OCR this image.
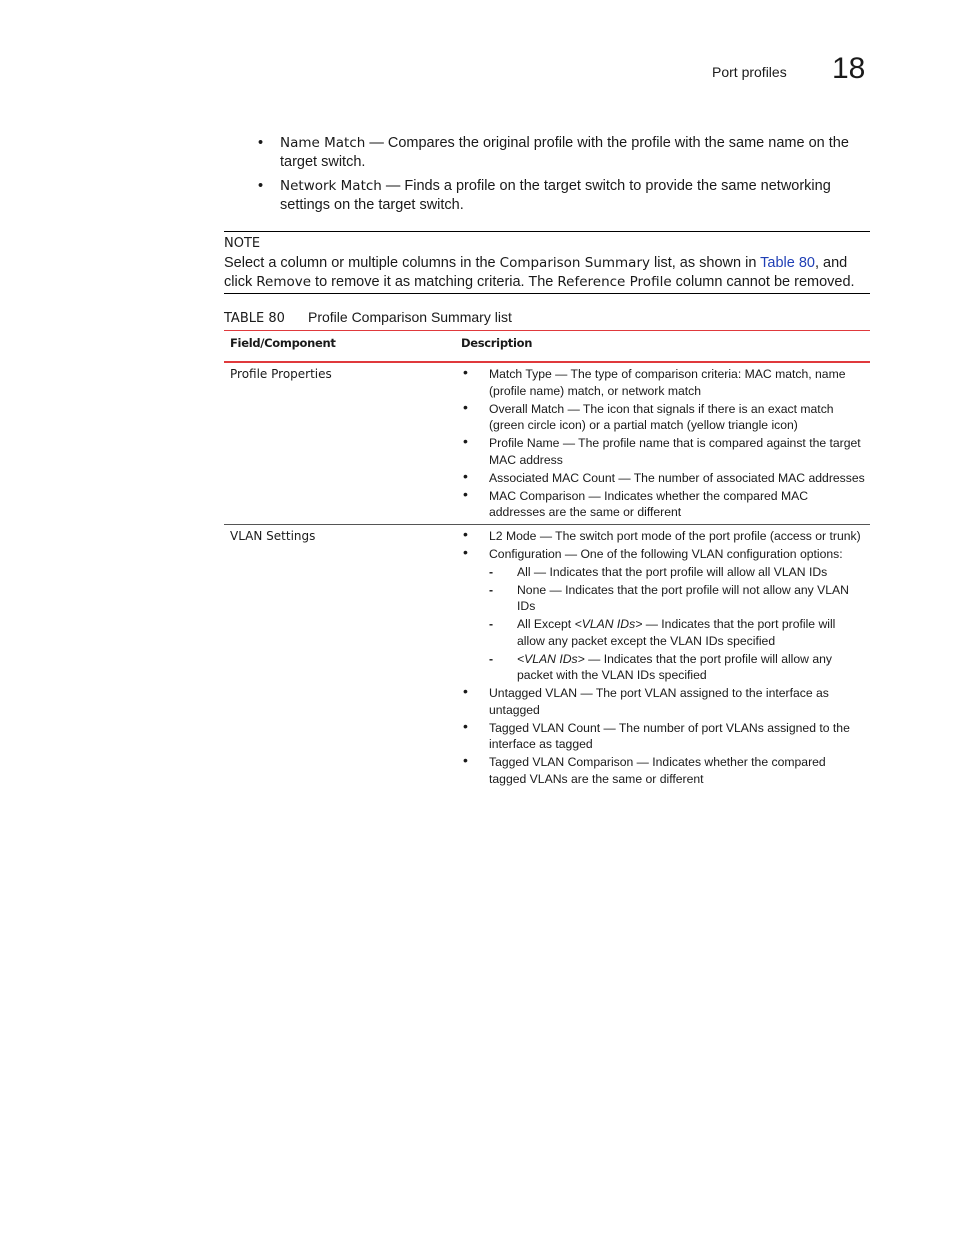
Port profiles 18
• Name Match — Compares the original profile with the profile with the same name on the target switch.
• Network Match — Finds a profile on the target switch to provide the same networking settings on the target switch.
NOTE
Select a column or multiple columns in the Comparison Summary list, as shown in Table 80, and click Remove to remove it as matching criteria. The Reference Profile column cannot be removed.
TABLE 80 Profile Comparison Summary list
Field/Component	Description
Profile Properties	• Match Type — The type of comparison criteria: MAC match, name (profile name) match, or network match
• Overall Match — The icon that signals if there is an exact match (green circle icon) or a partial match (yellow triangle icon)
• Profile Name — The profile name that is compared against the target MAC address
• Associated MAC Count — The number of associated MAC addresses
• MAC Comparison — Indicates whether the compared MAC addresses are the same or different
VLAN Settings	• L2 Mode — The switch port mode of the port profile (access or trunk)
• Configuration — One of the following VLAN configuration options:
- All — Indicates that the port profile will allow all VLAN IDs
- None — Indicates that the port profile will not allow any VLAN IDs
- All Except <VLAN IDs> — Indicates that the port profile will allow any packet except the VLAN IDs specified
- <VLAN IDs> — Indicates that the port profile will allow any packet with the VLAN IDs specified
• Untagged VLAN — The port VLAN assigned to the interface as untagged
• Tagged VLAN Count — The number of port VLANs assigned to the interface as tagged
• Tagged VLAN Comparison — Indicates whether the compared tagged VLANs are the same or different
